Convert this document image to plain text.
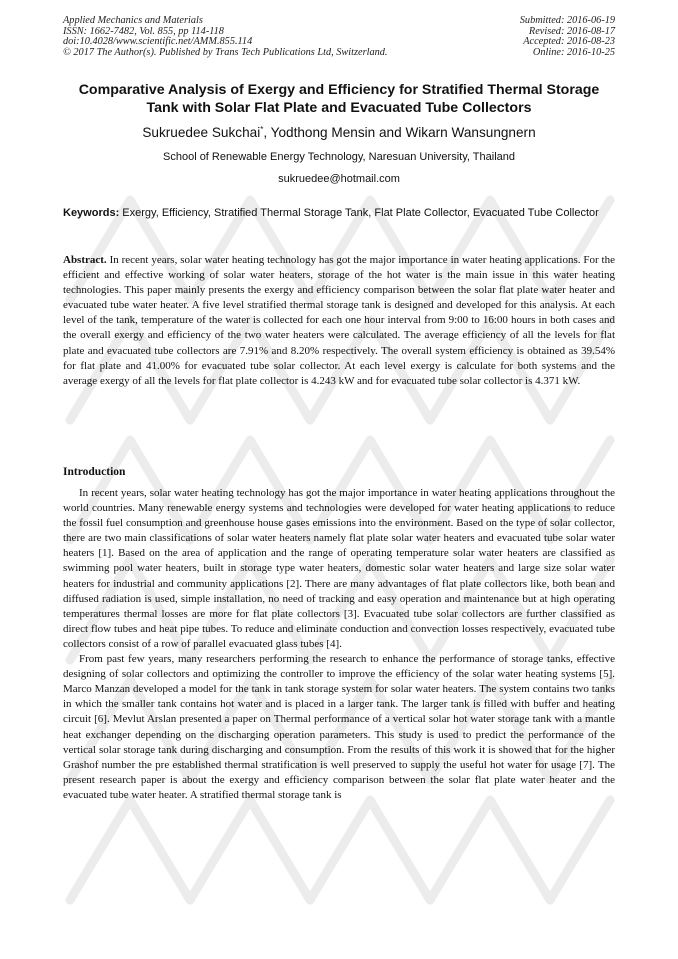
Applied Mechanics and Materials
ISSN: 1662-7482, Vol. 855, pp 114-118
doi:10.4028/www.scientific.net/AMM.855.114
© 2017 The Author(s). Published by Trans Tech Publications Ltd, Switzerland.
Submitted: 2016-06-19
Revised: 2016-08-17
Accepted: 2016-08-23
Online: 2016-10-25
Comparative Analysis of Exergy and Efficiency for Stratified Thermal Storage Tank with Solar Flat Plate and Evacuated Tube Collectors
Sukruedee Sukchai*, Yodthong Mensin and Wikarn Wansungnern
School of Renewable Energy Technology, Naresuan University, Thailand
sukruedee@hotmail.com
Keywords: Exergy, Efficiency, Stratified Thermal Storage Tank, Flat Plate Collector, Evacuated Tube Collector
Abstract. In recent years, solar water heating technology has got the major importance in water heating applications. For the efficient and effective working of solar water heaters, storage of the hot water is the main issue in this water heating technologies. This paper mainly presents the exergy and efficiency comparison between the solar flat plate water heater and evacuated tube water heater. A five level stratified thermal storage tank is designed and developed for this analysis. At each level of the tank, temperature of the water is collected for each one hour interval from 9:00 to 16:00 hours in both cases and the overall exergy and efficiency of the two water heaters were calculated. The average efficiency of all the levels for flat plate and evacuated tube collectors are 7.91% and 8.20% respectively. The overall system efficiency is obtained as 39.54% for flat plate and 41.00% for evacuated tube solar collector. At each level exergy is calculate for both systems and the average exergy of all the levels for flat plate collector is 4.243 kW and for evacuated tube solar collector is 4.371 kW.
Introduction

In recent years, solar water heating technology has got the major importance in water heating applications throughout the world countries. Many renewable energy systems and technologies were developed for water heating applications to reduce the fossil fuel consumption and greenhouse house gases emissions into the environment. Based on the type of solar collector, there are two main classifications of solar water heaters namely flat plate solar water heaters and evacuated tube solar water heaters [1]. Based on the area of application and the range of operating temperature solar water heaters are classified as swimming pool water heaters, built in storage type water heaters, domestic solar water heaters and large size solar water heaters for industrial and community applications [2]. There are many advantages of flat plate collectors like, both bean and diffused radiation is used, simple installation, no need of tracking and easy operation and maintenance but at high operating temperatures thermal losses are more for flat plate collectors [3]. Evacuated tube solar collectors are further classified as direct flow tubes and heat pipe tubes. To reduce and eliminate conduction and convection losses respectively, evacuated tube collectors consist of a row of parallel evacuated glass tubes [4].

From past few years, many researchers performing the research to enhance the performance of storage tanks, effective designing of solar collectors and optimizing the controller to improve the efficiency of the solar water heating systems [5]. Marco Manzan developed a model for the tank in tank storage system for solar water heaters. The system contains two tanks in which the smaller tank contains hot water and is placed in a larger tank. The larger tank is filled with buffer and heating circuit [6]. Mevlut Arslan presented a paper on Thermal performance of a vertical solar hot water storage tank with a mantle heat exchanger depending on the discharging operation parameters. This study is used to predict the performance of the vertical solar storage tank during discharging and consumption. From the results of this work it is showed that for the higher Grashof number the pre established thermal stratification is well preserved to supply the useful hot water for usage [7]. The present research paper is about the exergy and efficiency comparison between the solar flat plate water heater and the evacuated tube water heater. A stratified thermal storage tank is
